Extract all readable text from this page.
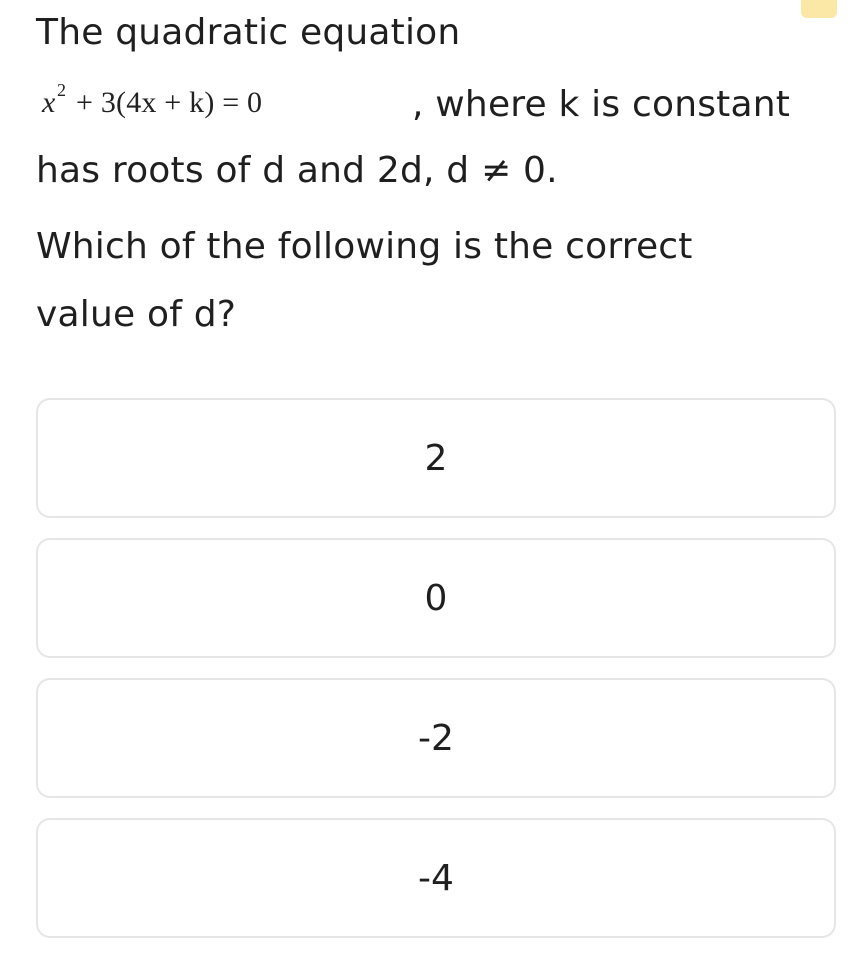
The quadratic equation
x 2 + 3(4x + k) = 0	, where k is constant
has roots of d and 2d, d ≠ 0.
Which of the following is the correct
value of d?
2
0
-2
-4
